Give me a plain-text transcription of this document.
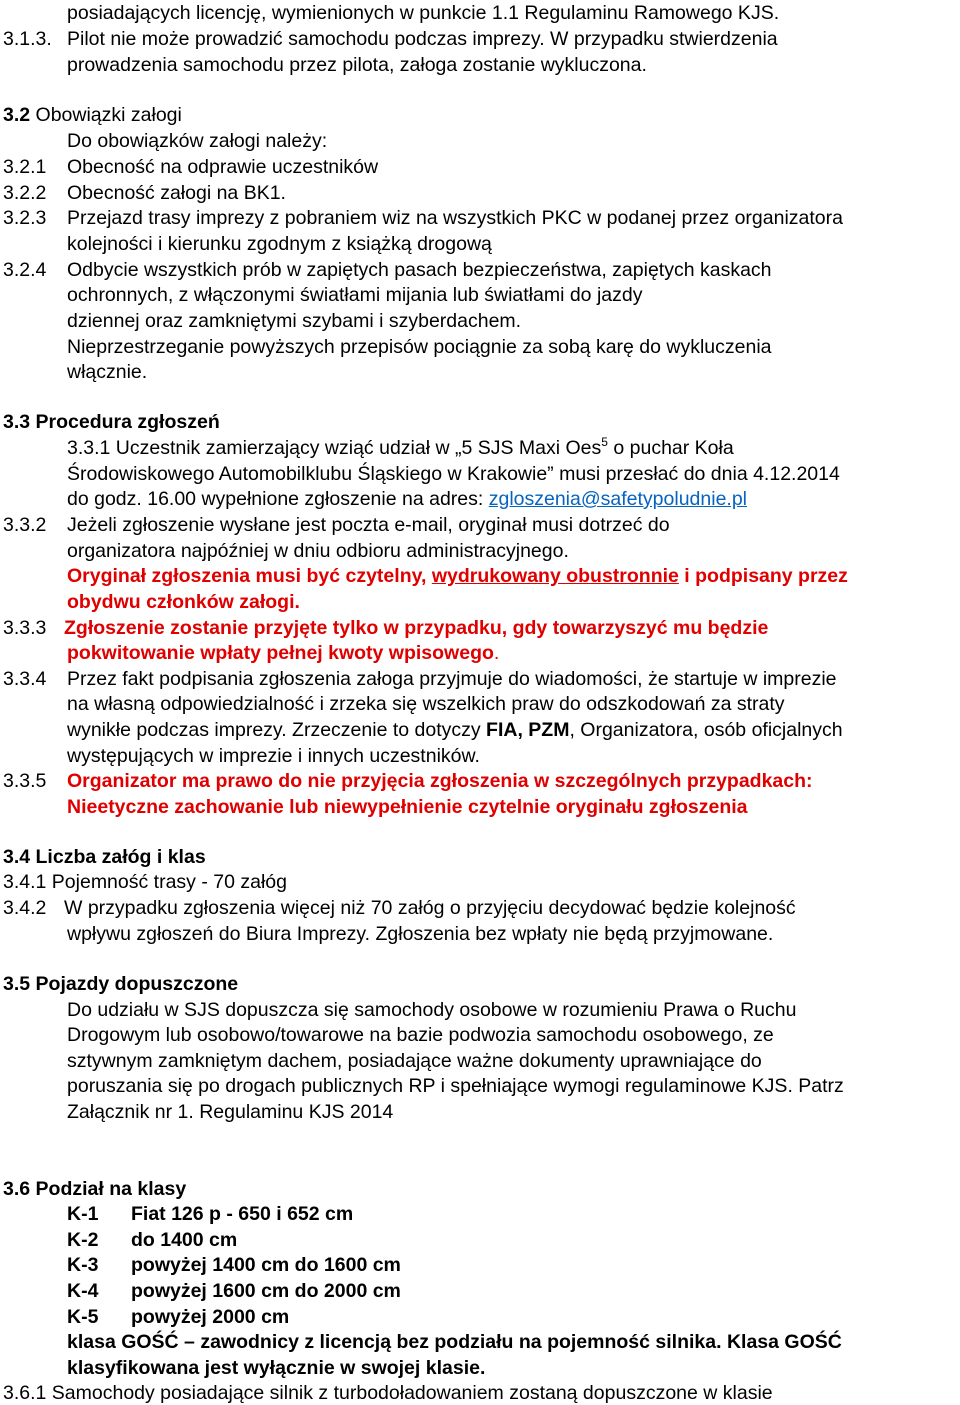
posiadających licencję, wymienionych w punkcie 1.1 Regulaminu Ramowego KJS.
3.1.3. Pilot nie może prowadzić samochodu podczas imprezy. W przypadku stwierdzenia
prowadzenia samochodu przez pilota, załoga zostanie wykluczona.
3.2 Obowiązki załogi
Do obowiązków załogi należy:
3.2.1 Obecność na odprawie uczestników
3.2.2 Obecność załogi na BK1.
3.2.3 Przejazd trasy imprezy z pobraniem wiz na wszystkich PKC w podanej przez organizatora
kolejności i kierunku zgodnym z książką drogową
3.2.4 Odbycie wszystkich prób w zapiętych pasach bezpieczeństwa, zapiętych kaskach
ochronnych, z włączonymi światłami mijania lub światłami do jazdy
dziennej oraz zamkniętymi szybami i szyberdachem.
Nieprzestrzeganie powyższych przepisów pociągnie za sobą karę do wykluczenia
włącznie.
3.3 Procedura zgłoszeń
3.3.1 Uczestnik zamierzający wziąć udział w „5 SJS Maxi Oes$^5$ o puchar Koła
Środowiskowego Automobilklubu Śląskiego w Krakowie” musi przesłać do dnia 4.12.2014
do godz. 16.00 wypełnione zgłoszenie na adres: zgloszenia@safetypoludnie.pl
3.3.2 Jeżeli zgłoszenie wysłane jest poczta e-mail, oryginał musi dotrzeć do
organizatora najpóźniej w dniu odbioru administracyjnego.
Oryginał zgłoszenia musi być czytelny, wydrukowany obustronnie i podpisany przez
obydwu członków załogi.
3.3.3 Zgłoszenie zostanie przyjęte tylko w przypadku, gdy towarzyszyć mu będzie
pokwitowanie wpłaty pełnej kwoty wpisowego.
3.3.4 Przez fakt podpisania zgłoszenia załoga przyjmuje do wiadomości, że startuje w imprezie
na własną odpowiedzialność i zrzeka się wszelkich praw do odszkodowań za straty
wynikłe podczas imprezy. Zrzeczenie to dotyczy FIA, PZM, Organizatora, osób oficjalnych
występujących w imprezie i innych uczestników.
3.3.5 Organizator ma prawo do nie przyjęcia zgłoszenia w szczególnych przypadkach:
Nieetyczne zachowanie lub niewypełnienie czytelnie oryginału zgłoszenia
3.4 Liczba załóg i klas
3.4.1 Pojemność trasy - 70 załóg
3.4.2 W przypadku zgłoszenia więcej niż 70 załóg o przyjęciu decydować będzie kolejność
wpływu zgłoszeń do Biura Imprezy. Zgłoszenia bez wpłaty nie będą przyjmowane.
3.5 Pojazdy dopuszczone
Do udziału w SJS dopuszcza się samochody osobowe w rozumieniu Prawa o Ruchu
Drogowym lub osobowo/towarowe na bazie podwozia samochodu osobowego, ze
sztywnym zamkniętym dachem, posiadające ważne dokumenty uprawniające do
poruszania się po drogach publicznych RP i spełniające wymogi regulaminowe KJS. Patrz
Załącznik nr 1. Regulaminu KJS 2014
3.6 Podział na klasy
K-1 Fiat 126 p - 650 i 652 cm
K-2 do 1400 cm
K-3 powyżej 1400 cm do 1600 cm
K-4 powyżej 1600 cm do 2000 cm
K-5 powyżej 2000 cm
klasa GOŚĆ – zawodnicy z licencją bez podziału na pojemność silnika. Klasa GOŚĆ
klasyfikowana jest wyłącznie w swojej klasie.
3.6.1 Samochody posiadające silnik z turbodoładowaniem zostaną dopuszczone w klasie
